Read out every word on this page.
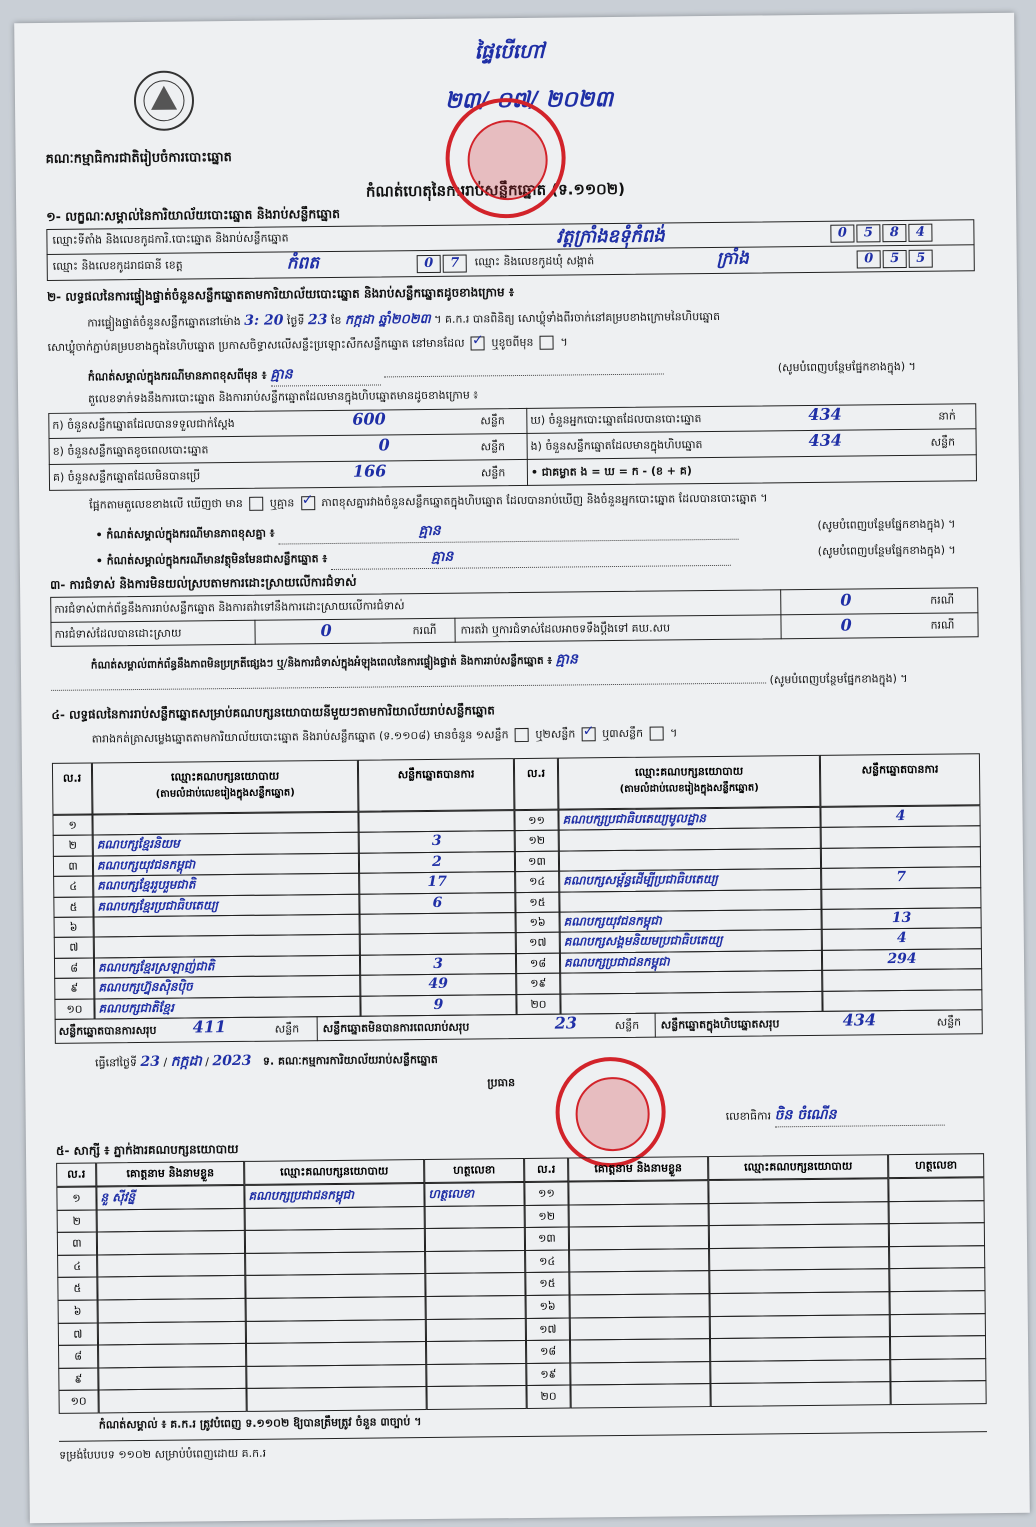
គណៈកម្មាធិការជាតិរៀបចំការបោះឆ្នោត
កំណត់ហេតុនៃការរាប់សន្លឹកឆ្នោត (ទ.១១០២)
ផ្ទៃបើហៅ
២៣/ ០៧/ ២០២៣
១- លក្ខណៈសម្គាល់នៃការិយាល័យបោះឆ្នោត និងរាប់សន្លឹកឆ្នោត
ឈ្មោះទីតាំង និងលេខកូដការិ.បោះឆ្នោត និងរាប់សន្លឹកឆ្នោត	វត្តក្រាំងឧទុំកំពង់	0	5	8	4
ឈ្មោះ និងលេខកូដរាជធានី ខេត្ត	កំពត	0	7	ឈ្មោះ និងលេខកូដឃុំ សង្កាត់	ក្រាំង	0	5	5
២- លទ្ធផលនៃការផ្ទៀងផ្ទាត់ចំនួនសន្លឹកឆ្នោតតាមការិយាល័យបោះឆ្នោត និងរាប់សន្លឹកឆ្នោតដូចខាងក្រោម ៖
ការផ្ទៀងផ្ទាត់ចំនួនសន្លឹកឆ្នោតនៅម៉ោង 3: 20 ថ្ងៃទី 23 ខែ កក្កដា ឆ្នាំ២០២៣ ។ គ.ក.រ បានពិនិត្យ សោឃ្លុំទាំងពីរចាក់នៅគម្របខាងក្រោមនៃហិបឆ្នោត
សោឃ្លុំចាក់ភ្ជាប់គម្របខាងក្នុងនៃហិបឆ្នោត ប្រកាសចិទ្ធាសលើសន្លឹះប្រឡោះសឹកសន្លឹកឆ្នោត នៅមានដែល ✓ ឬខូចពីមុន  ។
កំណត់សម្គាល់ក្នុងករណីមានភាពខុសពីមុន ៖ គ្មាន	(សូមបំពេញបន្ថែមផ្នែកខាងក្នុង) ។
តួលេខទាក់ទងនឹងការបោះឆ្នោត និងការរាប់សន្លឹកឆ្នោតដែលមានក្នុងហិបឆ្នោតមានដូចខាងក្រោម ៖
ក) ចំនួនសន្លឹកឆ្នោតដែលបានទទួលជាក់ស្តែង	600	សន្លឹក
ខ) ចំនួនសន្លឹកឆ្នោតខូចពេលបោះឆ្នោត	0	សន្លឹក
គ) ចំនួនសន្លឹកឆ្នោតដែលមិនបានប្រើ	166	សន្លឹក
ឃ) ចំនួនអ្នកបោះឆ្នោតដែលបានបោះឆ្នោត	434	នាក់
ង) ចំនួនសន្លឹកឆ្នោតដែលមានក្នុងហិបឆ្នោត	434	សន្លឹក
• ជាគម្លាត ង = ឃ = ក - (ខ + គ)
ផ្អែកតាមតួលេខខាងលើ ឃើញថា មាន ឬគ្មាន ✓ ភាពខុសគ្នារវាងចំនួនសន្លឹកឆ្នោតក្នុងហិបឆ្នោត ដែលបានរាប់ឃើញ និងចំនួនអ្នកបោះឆ្នោត ដែលបានបោះឆ្នោត ។
• កំណត់សម្គាល់ក្នុងករណីមានភាពខុសគ្នា ៖	គ្មាន	(សូមបំពេញបន្ថែមផ្នែកខាងក្នុង) ។
• កំណត់សម្គាល់ក្នុងករណីមានវត្ថុមិនមែនជាសន្លឹកឆ្នោត ៖	គ្មាន	(សូមបំពេញបន្ថែមផ្នែកខាងក្នុង) ។
៣- ការជំទាស់ និងការមិនយល់ស្របតាមការដោះស្រាយលើការជំទាស់
ការជំទាស់ពាក់ព័ន្ធនឹងការរាប់សន្លឹកឆ្នោត និងការតវ៉ាទៅនឹងការដោះស្រាយលើការជំទាស់	0	ករណី
ការជំទាស់ដែលបានដោះស្រាយ	0	ករណី ការតវ៉ា ឬការជំទាស់ដែលអាចទទឹងប្តឹងទៅ គឃ.សប	0	ករណី
កំណត់សម្គាល់ពាក់ព័ន្ធនឹងភាពមិនប្រក្រតីផ្សេងៗ ឬ/និងការជំទាស់ក្នុងអំឡុងពេលនៃការផ្ទៀងផ្ទាត់ និងការរាប់សន្លឹកឆ្នោត ៖ គ្មាន
(សូមបំពេញបន្ថែមផ្នែកខាងក្នុង) ។
៤- លទ្ធផលនៃការរាប់សន្លឹកឆ្នោតសម្រាប់គណបក្សនយោបាយនីមួយៗតាមការិយាល័យរាប់សន្លឹកឆ្នោត
តារាងកត់ត្រាសម្លេងឆ្នោតតាមការិយាល័យបោះឆ្នោត និងរាប់សន្លឹកឆ្នោត (ទ.១១០៨) មានចំនួន ១សន្លឹក ឬ២សន្លឹក ✓ ឬ៣សន្លឹក  ។
ល.រ	ឈ្មោះគណបក្សនយោបាយ
(តាមលំដាប់លេខរៀងក្នុងសន្លឹកឆ្នោត)
សន្លឹកឆ្នោតបានការ	ល.រ	ឈ្មោះគណបក្សនយោបាយ
(តាមលំដាប់លេខរៀងក្នុងសន្លឹកឆ្នោត)
សន្លឹកឆ្នោតបានការ
១
២	គណបក្សខ្មែរនិយម	3
៣	គណបក្សយុវជនកម្ពុជា	2
៤	គណបក្សខ្មែររួបរួមជាតិ	17
៥	គណបក្សខ្មែរប្រជាធិបតេយ្យ	6
៦
៧
៨	គណបក្សខ្មែរស្រឡាញ់ជាតិ	3
៩	គណបក្សហ្វ៊ុនស៊ិនប៉ិច	49
១០	គណបក្សជាតិខ្មែរ	9
១១	គណបក្សប្រជាធិបតេយ្យមូលដ្ឋាន	4
១២
១៣
១៤	គណបក្សសម្ព័ន្ធដើម្បីប្រជាធិបតេយ្យ	7
១៥
១៦	គណបក្សយុវជនកម្ពុជា	13
១៧	គណបក្សសង្គមនិយមប្រជាធិបតេយ្យ	4
១៨	គណបក្សប្រជាជនកម្ពុជា	294
១៩
២០
សន្លឹកឆ្នោតបានការសរុប 411	សន្លឹក សន្លឹកឆ្នោតមិនបានការពេលរាប់សរុប	23	សន្លឹក សន្លឹកឆ្នោតក្នុងហិបឆ្នោតសរុប	434	សន្លឹក
ធ្វើនៅថ្ងៃទី 23 / កក្កដា / 2023 ទ. គណៈកម្មការការិយាល័យរាប់សន្លឹកឆ្នោត
ប្រធាន
លេខាធិការ ចិន ចំណើន
៥- សាក្សី ៖ ភ្នាក់ងារគណបក្សនយោបាយ
ល.រ	គោត្តនាម និងនាមខ្លួន	ឈ្មោះគណបក្សនយោបាយ	ហត្ថលេខា	ល.រ	គោត្តនាម និងនាមខ្លួន	ឈ្មោះគណបក្សនយោបាយ	ហត្ថលេខា
១	នួ ស៊ីវន្នី	គណបក្សប្រជាជនកម្ពុជា	ហត្ថលេខា
២
៣
៤
៥
៦
៧
៨
៩
១០
១១
១២
១៣
១៤
១៥
១៦
១៧
១៨
១៩
២០
កំណត់សម្គាល់ ៖ គ.ក.រ ត្រូវបំពេញ ទ.១១០២ ឱ្យបានត្រឹមត្រូវ ចំនួន ៣ច្បាប់ ។
ទម្រង់បែបបទ ១១០២ សម្រាប់បំពេញដោយ គ.ក.រ
